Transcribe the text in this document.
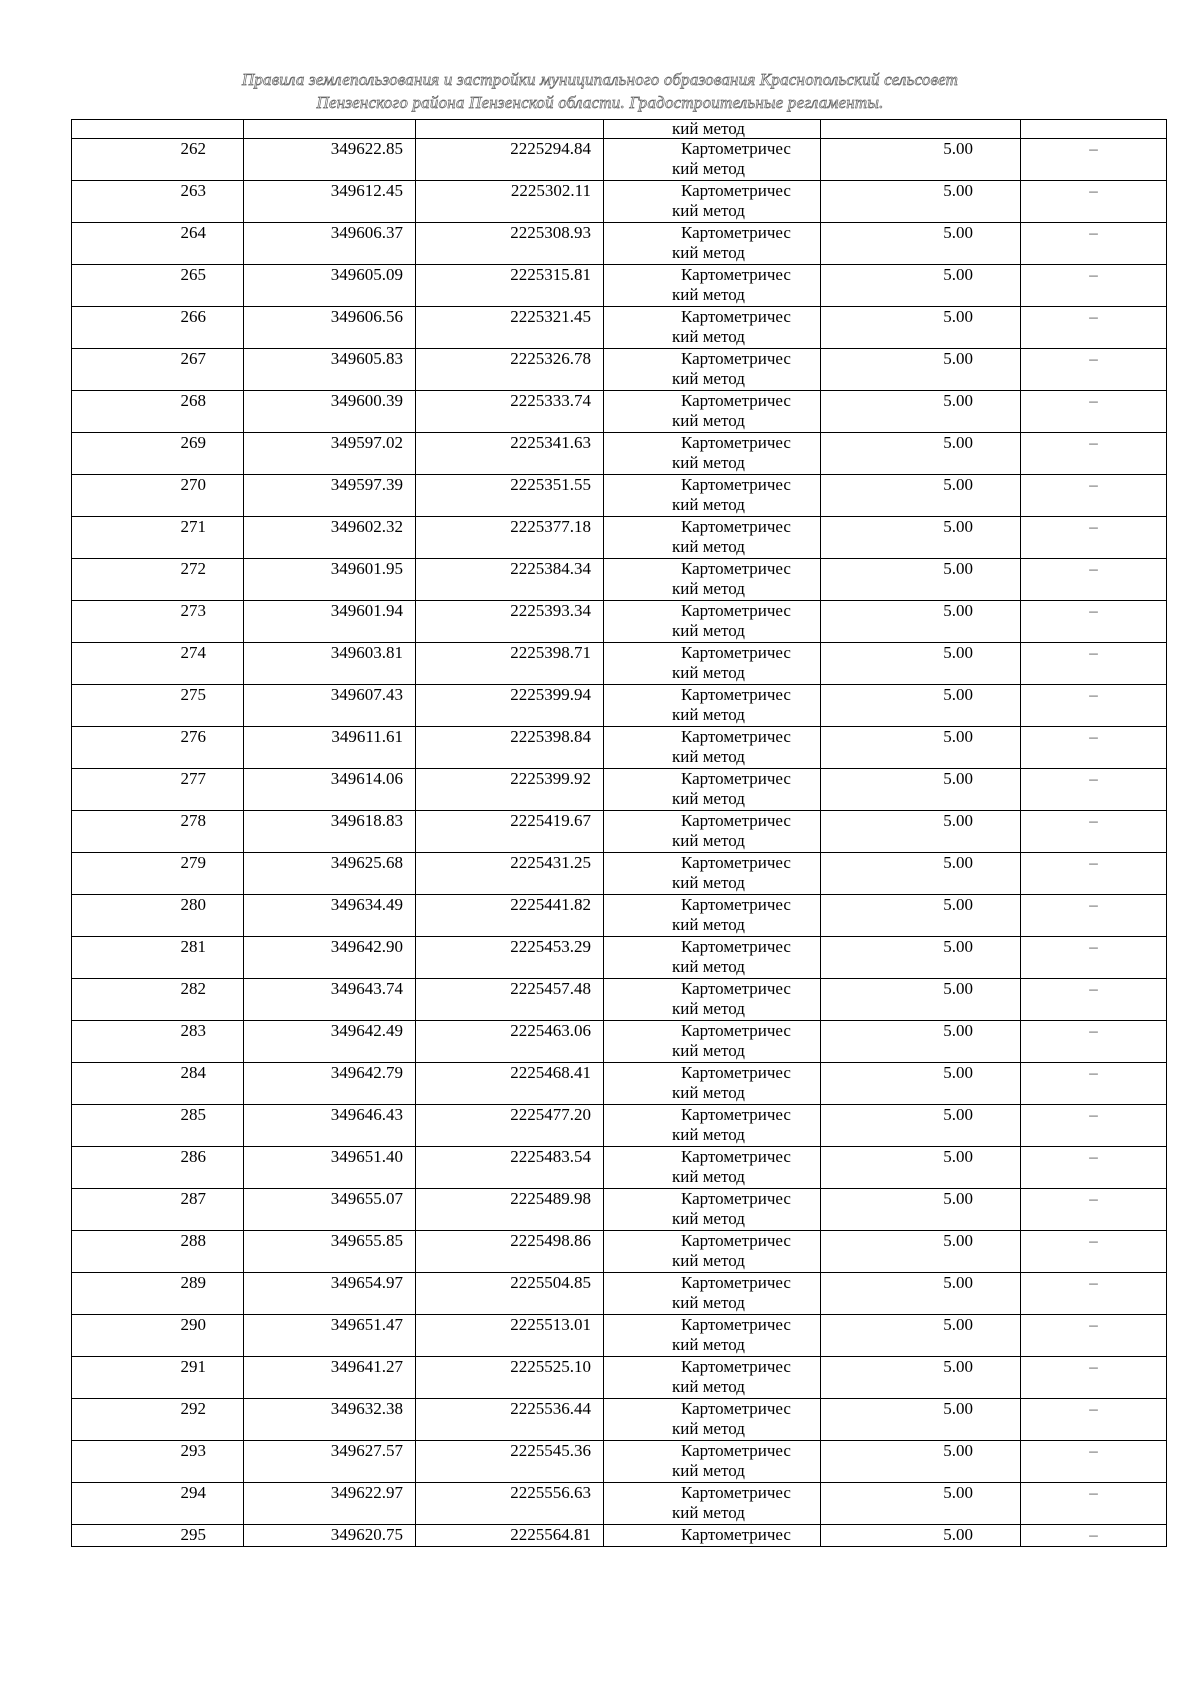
Правила землепользования и застройки муниципального образования Краснопольский сельсовет
Пензенского района Пензенской области. Градостроительные регламенты.

			кий метод		

262	349622.85	2225294.84	Картометричес
кий метод	5.00	–
263	349612.45	2225302.11	Картометричес
кий метод	5.00	–
264	349606.37	2225308.93	Картометричес
кий метод	5.00	–
265	349605.09	2225315.81	Картометричес
кий метод	5.00	–
266	349606.56	2225321.45	Картометричес
кий метод	5.00	–
267	349605.83	2225326.78	Картометричес
кий метод	5.00	–
268	349600.39	2225333.74	Картометричес
кий метод	5.00	–
269	349597.02	2225341.63	Картометричес
кий метод	5.00	–
270	349597.39	2225351.55	Картометричес
кий метод	5.00	–
271	349602.32	2225377.18	Картометричес
кий метод	5.00	–
272	349601.95	2225384.34	Картометричес
кий метод	5.00	–
273	349601.94	2225393.34	Картометричес
кий метод	5.00	–
274	349603.81	2225398.71	Картометричес
кий метод	5.00	–
275	349607.43	2225399.94	Картометричес
кий метод	5.00	–
276	349611.61	2225398.84	Картометричес
кий метод	5.00	–
277	349614.06	2225399.92	Картометричес
кий метод	5.00	–
278	349618.83	2225419.67	Картометричес
кий метод	5.00	–
279	349625.68	2225431.25	Картометричес
кий метод	5.00	–
280	349634.49	2225441.82	Картометричес
кий метод	5.00	–
281	349642.90	2225453.29	Картометричес
кий метод	5.00	–
282	349643.74	2225457.48	Картометричес
кий метод	5.00	–
283	349642.49	2225463.06	Картометричес
кий метод	5.00	–
284	349642.79	2225468.41	Картометричес
кий метод	5.00	–
285	349646.43	2225477.20	Картометричес
кий метод	5.00	–
286	349651.40	2225483.54	Картометричес
кий метод	5.00	–
287	349655.07	2225489.98	Картометричес
кий метод	5.00	–
288	349655.85	2225498.86	Картометричес
кий метод	5.00	–
289	349654.97	2225504.85	Картометричес
кий метод	5.00	–
290	349651.47	2225513.01	Картометричес
кий метод	5.00	–
291	349641.27	2225525.10	Картометричес
кий метод	5.00	–
292	349632.38	2225536.44	Картометричес
кий метод	5.00	–
293	349627.57	2225545.36	Картометричес
кий метод	5.00	–
294	349622.97	2225556.63	Картометричес
кий метод	5.00	–
295	349620.75	2225564.81	Картометричес	5.00	–
